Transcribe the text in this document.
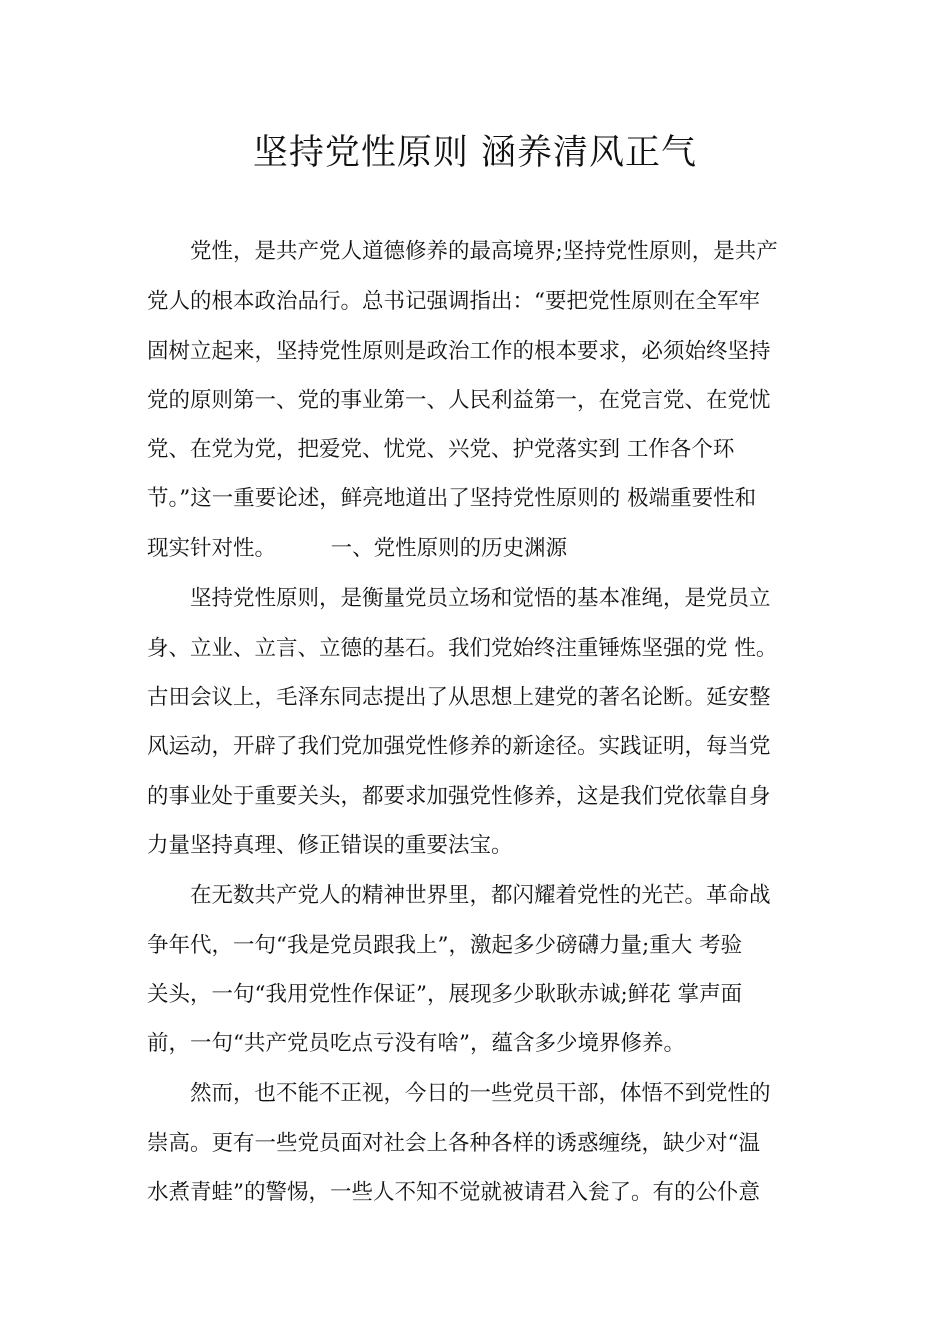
坚持党性原则 涵养清风正气
党性，是共产党人道德修养的最高境界;坚持党性原则，是共产
党人的根本政治品行。总书记强调指出：“要把党性原则在全军牢
固树立起来，坚持党性原则是政治工作的根本要求，必须始终坚持
党的原则第一、党的事业第一、人民利益第一，在党言党、在党忧
党、在党为党，把爱党、忧党、兴党、护党落实到 工作各个环
节。”这一重要论述，鲜亮地道出了坚持党性原则的 极端重要性和
现实针对性。        一、党性原则的历史渊源
坚持党性原则，是衡量党员立场和觉悟的基本准绳，是党员立
身、立业、立言、立德的基石。我们党始终注重锤炼坚强的党 性。
古田会议上，毛泽东同志提出了从思想上建党的著名论断。延安整
风运动，开辟了我们党加强党性修养的新途径。实践证明，每当党
的事业处于重要关头，都要求加强党性修养，这是我们党依靠自身
力量坚持真理、修正错误的重要法宝。
在无数共产党人的精神世界里，都闪耀着党性的光芒。革命战
争年代，一句“我是党员跟我上”，激起多少磅礴力量;重大 考验
关头，一句“我用党性作保证”，展现多少耿耿赤诚;鲜花 掌声面
前，一句“共产党员吃点亏没有啥”，蕴含多少境界修养。
然而，也不能不正视，今日的一些党员干部，体悟不到党性的
崇高。更有一些党员面对社会上各种各样的诱惑缠绕，缺少对“温
水煮青蛙”的警惕，一些人不知不觉就被请君入瓮了。有的公仆意
